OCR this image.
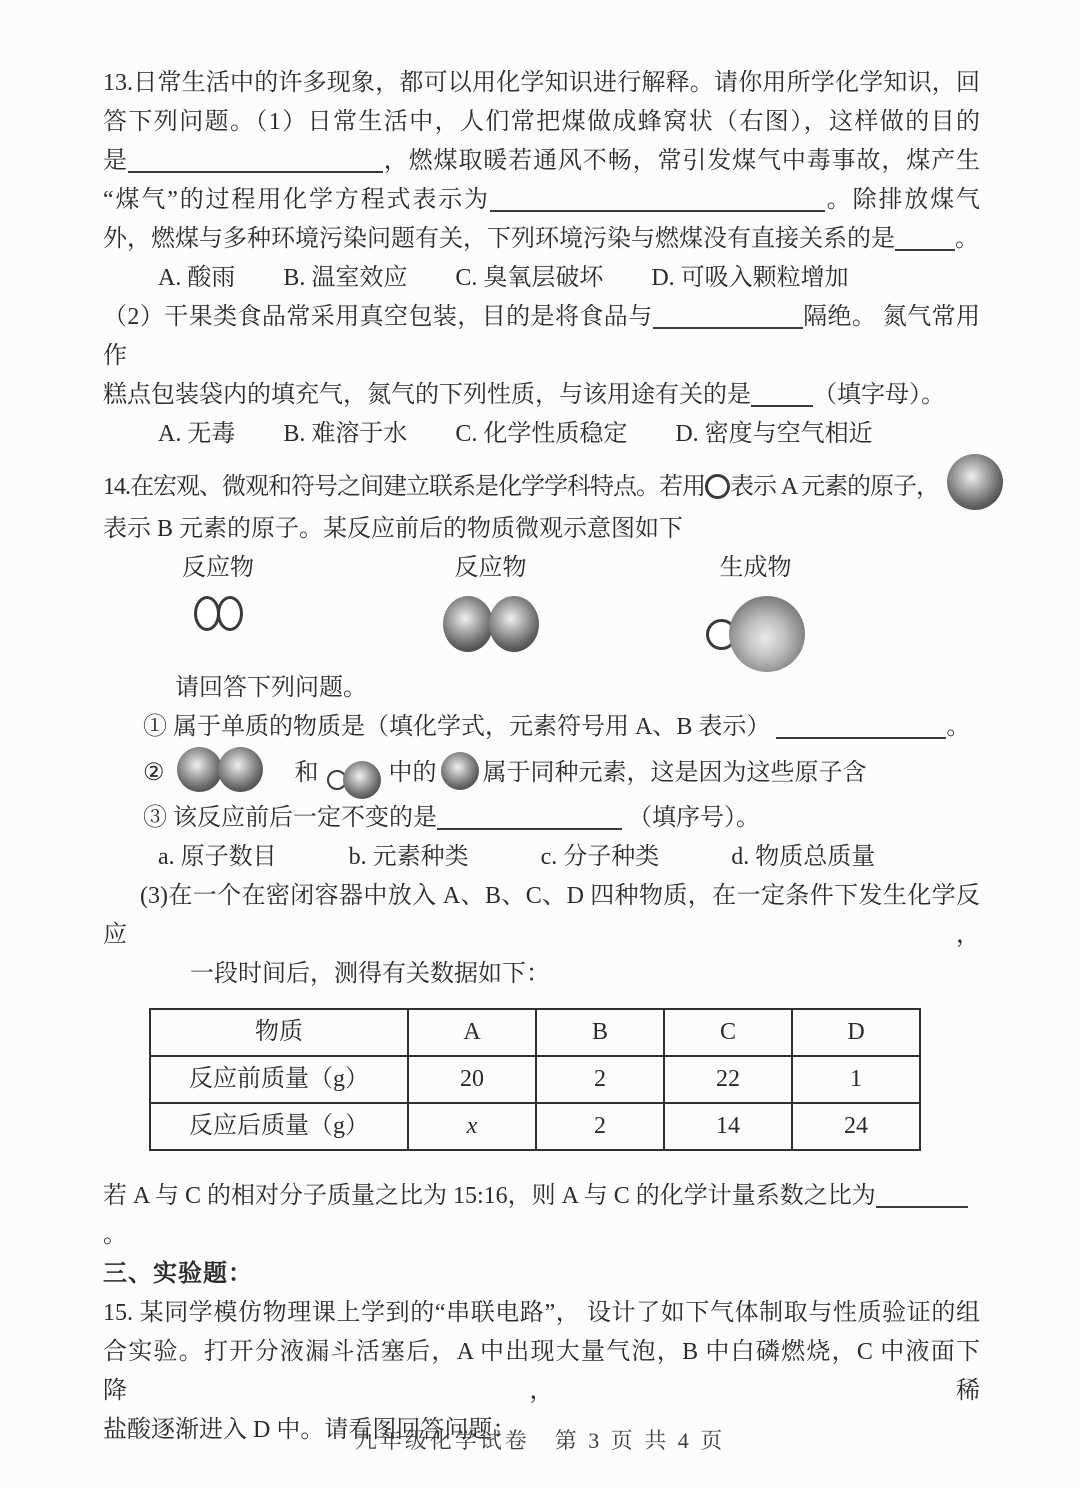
13.日常生活中的许多现象，都可以用化学知识进行解释。请你用所学化学知识，回
答下列问题。（1）日常生活中，人们常把煤做成蜂窝状（右图），这样做的目的
是	，燃煤取暖若通风不畅，常引发煤气中毒事故，煤产生
“煤气”的过程用化学方程式表示为	。除排放煤气
外，燃煤与多种环境污染问题有关，下列环境污染与燃煤没有直接关系的是	。
A. 酸雨　　B. 温室效应　　C. 臭氧层破坏　　D. 可吸入颗粒增加
（2）干果类食品常采用真空包装，目的是将食品与	隔绝。 氮气常用作
糕点包装袋内的填充气，氮气的下列性质，与该用途有关的是	（填字母）。
A. 无毒　　B. 难溶于水　　C. 化学性质稳定　　D. 密度与空气相近
14.在宏观、微观和符号之间建立联系是化学学科特点。若用 表示 A 元素的原子，
表示 B 元素的原子。某反应前后的物质微观示意图如下
反应物	反应物	生成物
请回答下列问题。
① 属于单质的物质是（填化学式，元素符号用 A、B 表示）	。
②	和	中的 属于同种元素，这是因为这些原子含
③ 该反应前后一定不变的是	（填序号）。
a. 原子数目　　　b. 元素种类　　　c. 分子种类　　　d. 物质总质量
(3)在一个在密闭容器中放入 A、B、C、D 四种物质，在一定条件下发生化学反应，
一段时间后，测得有关数据如下：
物质	A	B	C	D
反应前质量（g）	20	2	22	1
反应后质量（g）	x	2	14	24
若 A 与 C 的相对分子质量之比为 15:16，则 A 与 C 的化学计量系数之比为。
三、实验题：
15. 某同学模仿物理课上学到的“串联电路”， 设计了如下气体制取与性质验证的组
合实验。打开分液漏斗活塞后，A 中出现大量气泡，B 中白磷燃烧，C 中液面下降，稀
盐酸逐渐进入 D 中。请看图回答问题：
九年级化学试卷　第 3 页 共 4 页
